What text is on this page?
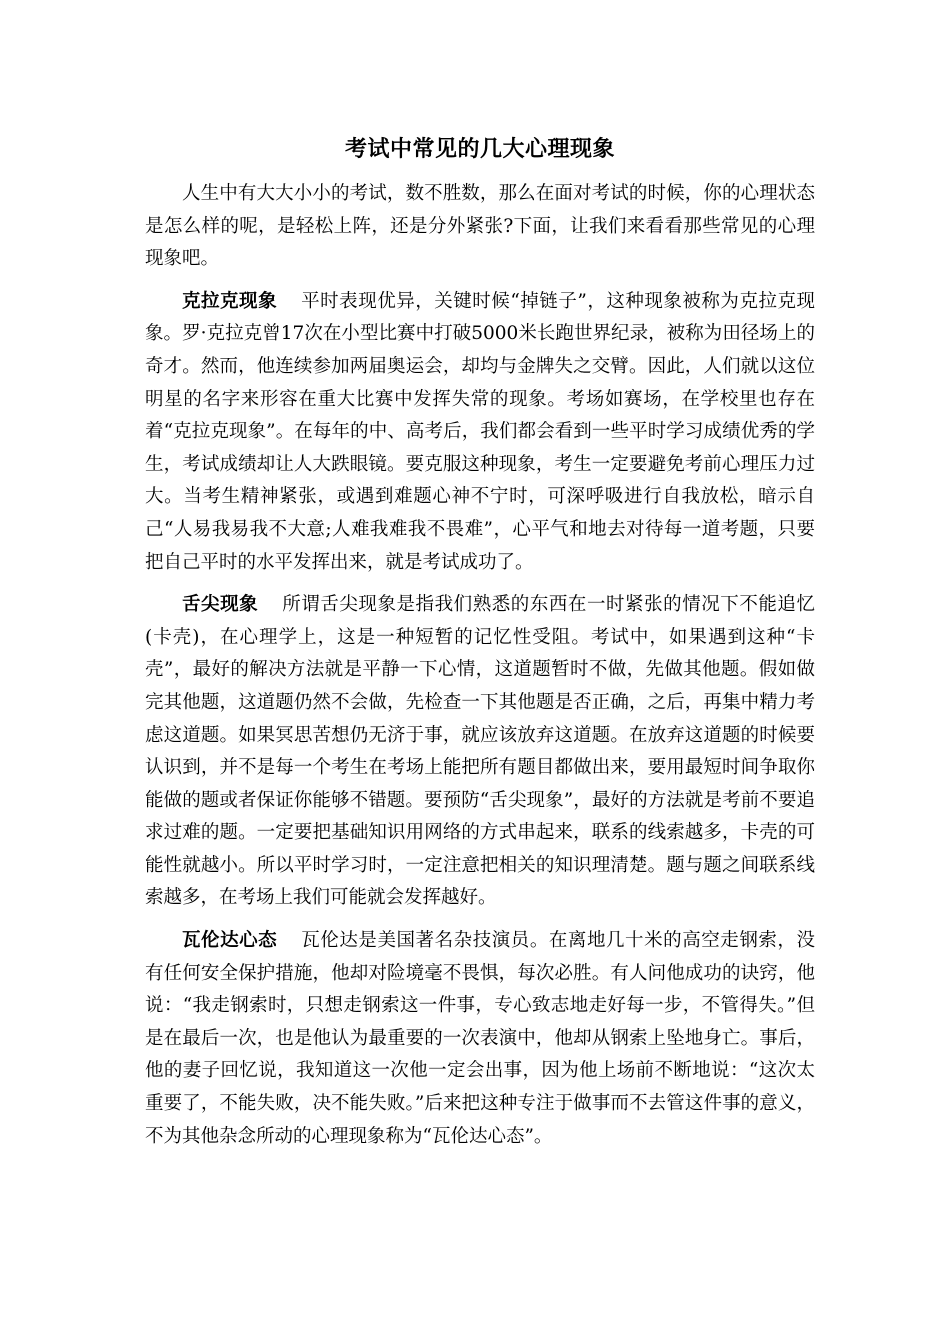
考试中常见的几大心理现象

人生中有大大小小的考试，数不胜数，那么在面对考试的时候，你的心理状态是怎么样的呢，是轻松上阵，还是分外紧张?下面，让我们来看看那些常见的心理现象吧。

克拉克现象 平时表现优异，关键时候“掉链子”，这种现象被称为克拉克现象。罗·克拉克曾17次在小型比赛中打破5000米长跑世界纪录，被称为田径场上的奇才。然而，他连续参加两届奥运会，却均与金牌失之交臂。因此，人们就以这位明星的名字来形容在重大比赛中发挥失常的现象。考场如赛场，在学校里也存在着“克拉克现象”。在每年的中、高考后，我们都会看到一些平时学习成绩优秀的学生，考试成绩却让人大跌眼镜。要克服这种现象，考生一定要避免考前心理压力过大。当考生精神紧张，或遇到难题心神不宁时，可深呼吸进行自我放松，暗示自己“人易我易我不大意;人难我难我不畏难”，心平气和地去对待每一道考题，只要把自己平时的水平发挥出来，就是考试成功了。

舌尖现象 所谓舌尖现象是指我们熟悉的东西在一时紧张的情况下不能追忆(卡壳)，在心理学上，这是一种短暂的记忆性受阻。考试中，如果遇到这种“卡壳”，最好的解决方法就是平静一下心情，这道题暂时不做，先做其他题。假如做完其他题，这道题仍然不会做，先检查一下其他题是否正确，之后，再集中精力考虑这道题。如果冥思苦想仍无济于事，就应该放弃这道题。在放弃这道题的时候要认识到，并不是每一个考生在考场上能把所有题目都做出来，要用最短时间争取你能做的题或者保证你能够不错题。要预防“舌尖现象”，最好的方法就是考前不要追求过难的题。一定要把基础知识用网络的方式串起来，联系的线索越多，卡壳的可能性就越小。所以平时学习时，一定注意把相关的知识理清楚。题与题之间联系线索越多，在考场上我们可能就会发挥越好。

瓦伦达心态 瓦伦达是美国著名杂技演员。在离地几十米的高空走钢索，没有任何安全保护措施，他却对险境毫不畏惧，每次必胜。有人问他成功的诀窍，他说：“我走钢索时，只想走钢索这一件事，专心致志地走好每一步，不管得失。”但是在最后一次，也是他认为最重要的一次表演中，他却从钢索上坠地身亡。事后，他的妻子回忆说，我知道这一次他一定会出事，因为他上场前不断地说：“这次太重要了，不能失败，决不能失败。”后来把这种专注于做事而不去管这件事的意义，不为其他杂念所动的心理现象称为“瓦伦达心态”。
